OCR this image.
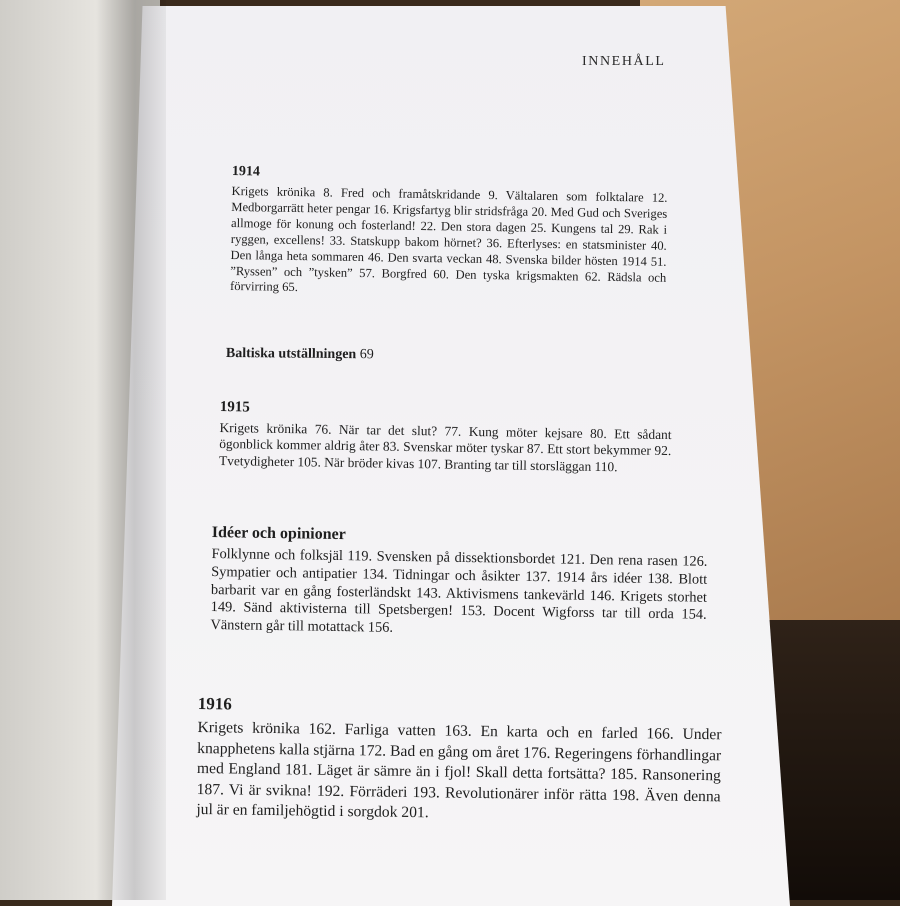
INNEHÅLL
1914

Krigets krönika 8. Fred och framåtskridande 9. Vältalaren som folktalare 12. Medborgarrätt heter pengar 16. Krigsfartyg blir stridsfråga 20. Med Gud och Sveriges allmoge för konung och fosterland! 22. Den stora dagen 25. Kungens tal 29. Rak i ryggen, excellens! 33. Statskupp bakom hörnet? 36. Efterlyses: en statsminister 40. Den långa heta sommaren 46. Den svarta veckan 48. Svenska bilder hösten 1914 51. ”Ryssen” och ”tysken” 57. Borgfred 60. Den tyska krigsmakten 62. Rädsla och förvirring 65.

Baltiska utställningen 69
1915

Krigets krönika 76. När tar det slut? 77. Kung möter kejsare 80. Ett sådant ögonblick kommer aldrig åter 83. Svenskar möter tyskar 87. Ett stort bekymmer 92. Tvetydigheter 105. När bröder kivas 107. Branting tar till storsläggan 110.

Idéer och opinioner

Folklynne och folksjäl 119. Svensken på dissektionsbordet 121. Den rena rasen 126. Sympatier och antipatier 134. Tidningar och åsikter 137. 1914 års idéer 138. Blott barbarit var en gång fosterländskt 143. Aktivismens tankevärld 146. Krigets storhet 149. Sänd aktivisterna till Spetsbergen! 153. Docent Wigforss tar till orda 154. Vänstern går till motattack 156.

1916

Krigets krönika 162. Farliga vatten 163. En karta och en farled 166. Under knapphetens kalla stjärna 172. Bad en gång om året 176. Regeringens förhandlingar med England 181. Läget är sämre än i fjol! Skall detta fortsätta? 185. Ransonering 187. Vi är svikna! 192. Förräderi 193. Revolutionärer inför rätta 198. Även denna jul är en familjehögtid i sorgdok 201.
